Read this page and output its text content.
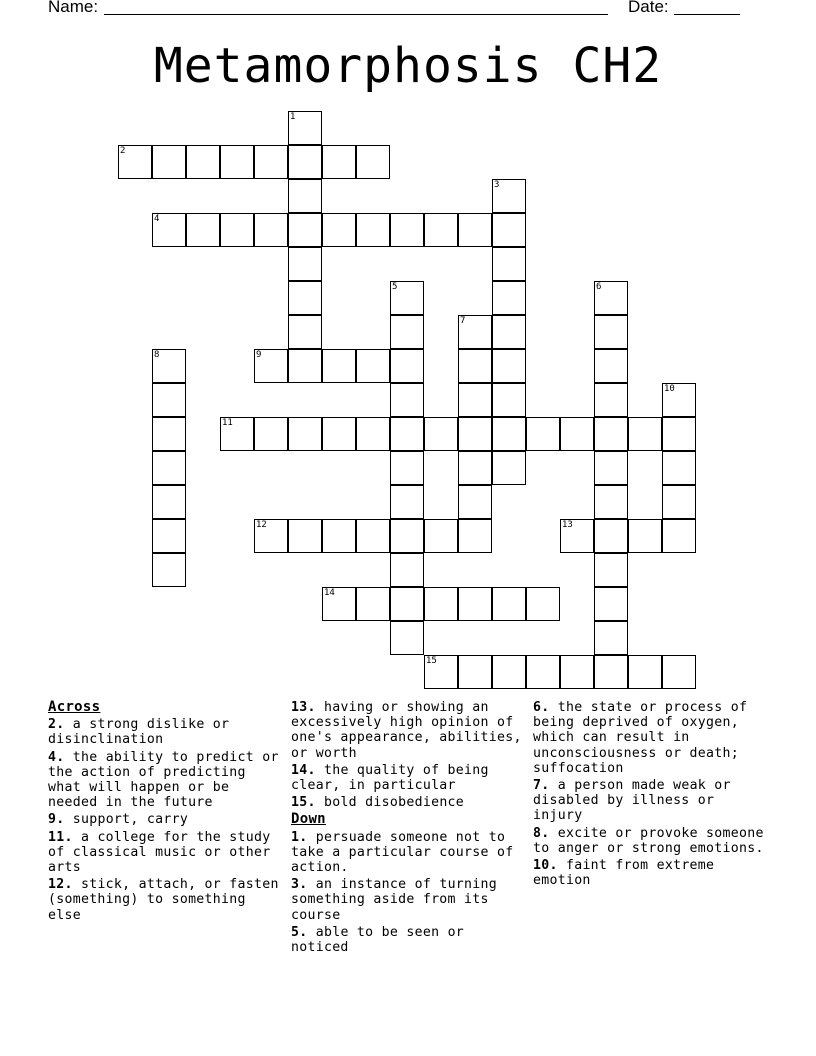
Name:	Date:
Metamorphosis CH2
1
2
3
4
5	6
7
8	9
10
11
12	13
14
15
Across
2. a strong dislike or disinclination
4. the ability to predict or the action of predicting what will happen or be needed in the future
9. support, carry
11. a college for the study of classical music or other arts
12. stick, attach, or fasten (something) to something else
13. having or showing an excessively high opinion of one's appearance, abilities, or worth
14. the quality of being clear, in particular
15. bold disobedience
Down
1. persuade someone not to take a particular course of action.
3. an instance of turning something aside from its course
5. able to be seen or noticed
6. the state or process of being deprived of oxygen, which can result in unconsciousness or death; suffocation
7. a person made weak or disabled by illness or injury
8. excite or provoke someone to anger or strong emotions.
10. faint from extreme emotion
